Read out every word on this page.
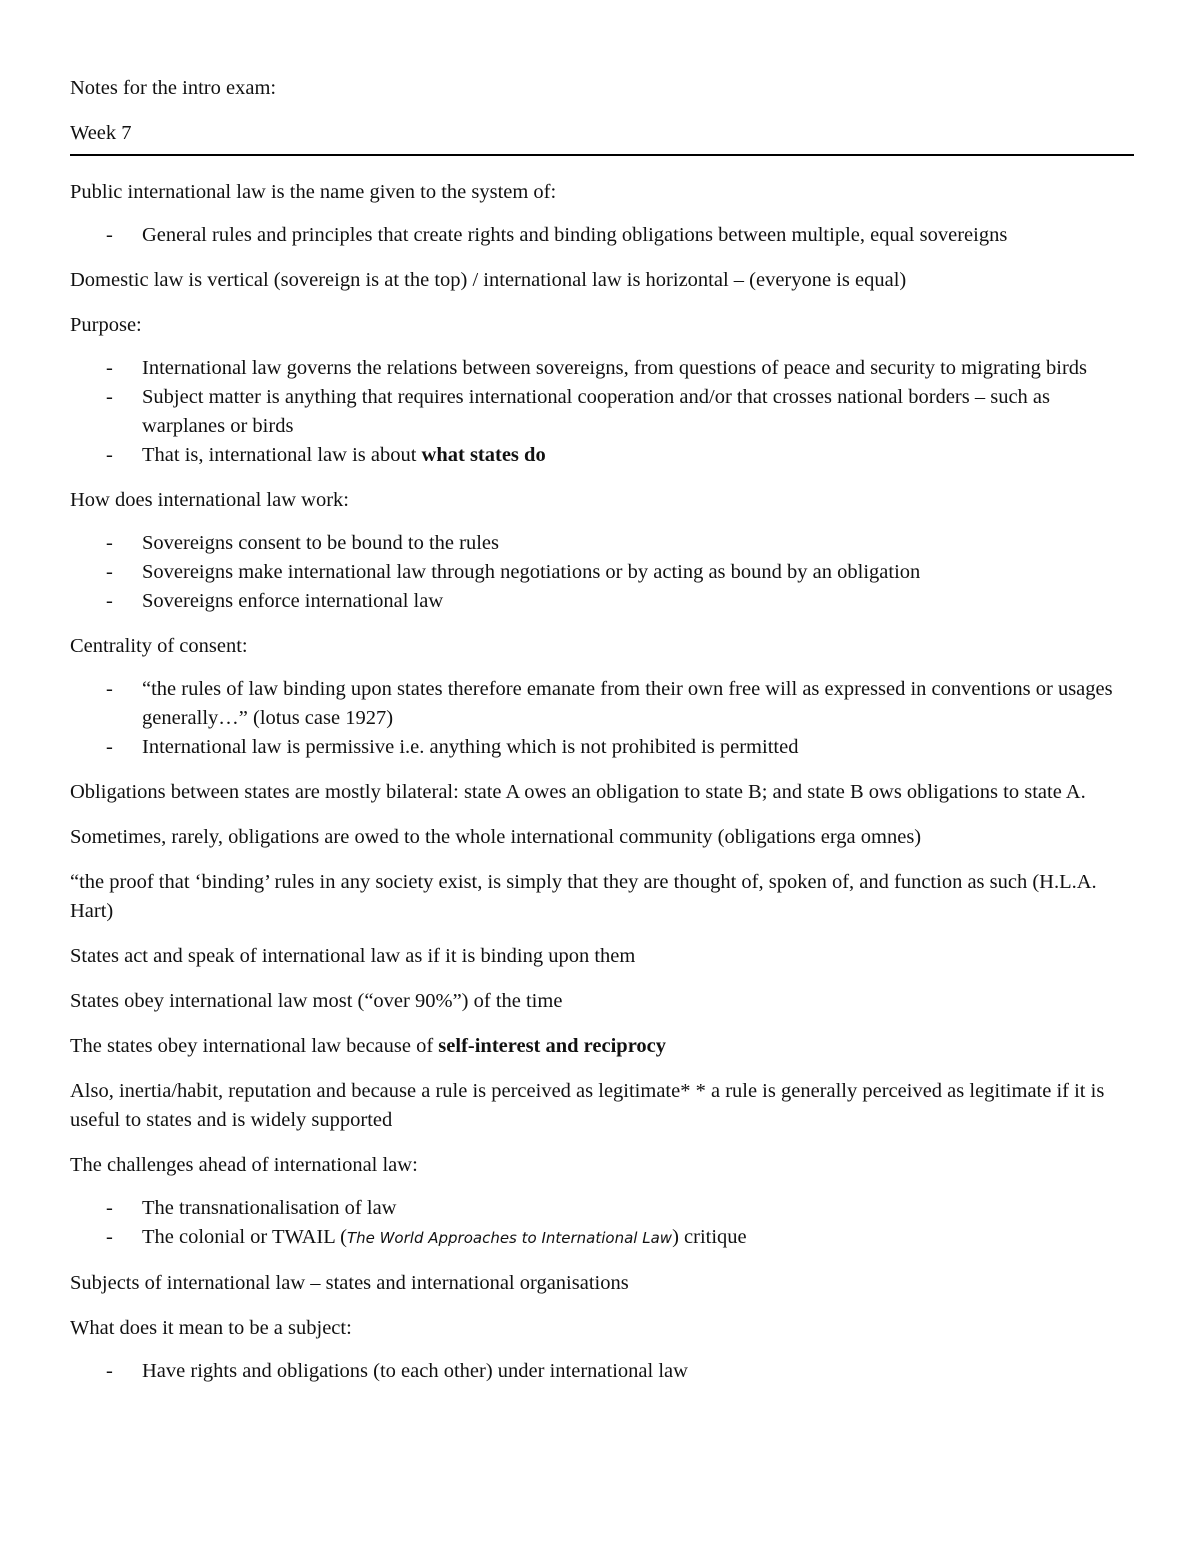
Notes for the intro exam:

Week 7

Public international law is the name given to the system of:

- General rules and principles that create rights and binding obligations between multiple, equal sovereigns

Domestic law is vertical (sovereign is at the top) / international law is horizontal – (everyone is equal)

Purpose:

- International law governs the relations between sovereigns, from questions of peace and security to migrating birds
- Subject matter is anything that requires international cooperation and/or that crosses national borders – such as warplanes or birds
- That is, international law is about what states do

How does international law work:

- Sovereigns consent to be bound to the rules
- Sovereigns make international law through negotiations or by acting as bound by an obligation
- Sovereigns enforce international law

Centrality of consent:

- “the rules of law binding upon states therefore emanate from their own free will as expressed in conventions or usages generally…” (lotus case 1927)
- International law is permissive i.e. anything which is not prohibited is permitted

Obligations between states are mostly bilateral: state A owes an obligation to state B; and state B ows obligations to state A.

Sometimes, rarely, obligations are owed to the whole international community (obligations erga omnes)

“the proof that ‘binding’ rules in any society exist, is simply that they are thought of, spoken of, and function as such (H.L.A. Hart)

States act and speak of international law as if it is binding upon them

States obey international law most (“over 90%”) of the time

The states obey international law because of self-interest and reciprocy

Also, inertia/habit, reputation and because a rule is perceived as legitimate* * a rule is generally perceived as legitimate if it is useful to states and is widely supported

The challenges ahead of international law:

- The transnationalisation of law
- The colonial or TWAIL (The World Approaches to International Law) critique

Subjects of international law – states and international organisations

What does it mean to be a subject:

- Have rights and obligations (to each other) under international law
